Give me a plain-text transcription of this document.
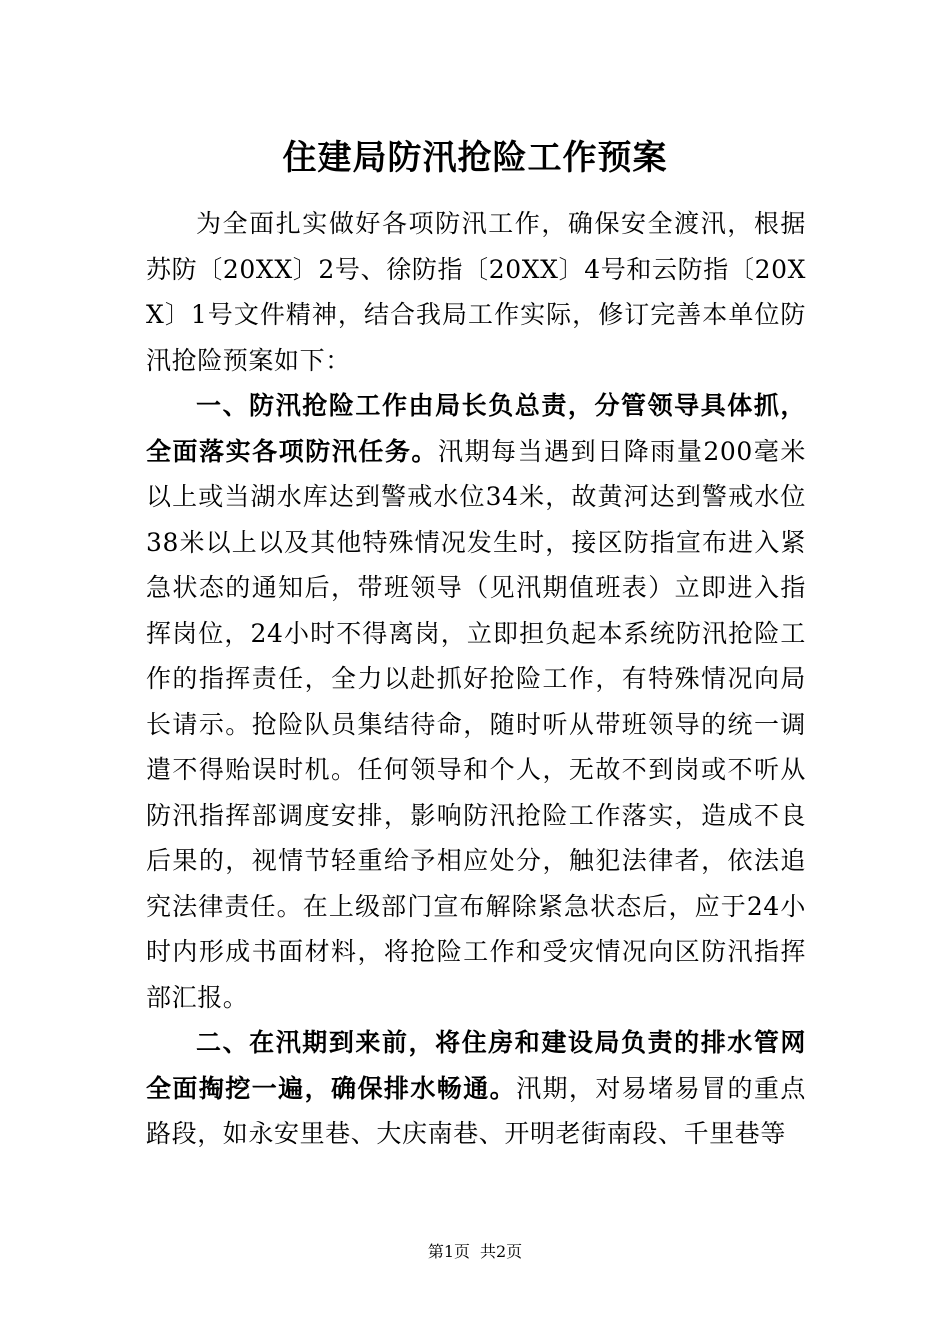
住建局防汛抢险工作预案

为全面扎实做好各项防汛工作，确保安全渡汛，根据苏防〔20XX〕2号、徐防指〔20XX〕4号和云防指〔20XX〕1号文件精神，结合我局工作实际，修订完善本单位防汛抢险预案如下：

一、防汛抢险工作由局长负总责，分管领导具体抓，全面落实各项防汛任务。汛期每当遇到日降雨量200毫米以上或当湖水库达到警戒水位34米，故黄河达到警戒水位38米以上以及其他特殊情况发生时，接区防指宣布进入紧急状态的通知后，带班领导（见汛期值班表）立即进入指挥岗位，24小时不得离岗，立即担负起本系统防汛抢险工作的指挥责任，全力以赴抓好抢险工作，有特殊情况向局长请示。抢险队员集结待命，随时听从带班领导的统一调遣不得贻误时机。任何领导和个人，无故不到岗或不听从防汛指挥部调度安排，影响防汛抢险工作落实，造成不良后果的，视情节轻重给予相应处分，触犯法律者，依法追究法律责任。在上级部门宣布解除紧急状态后，应于24小时内形成书面材料，将抢险工作和受灾情况向区防汛指挥部汇报。

二、在汛期到来前，将住房和建设局负责的排水管网全面掏挖一遍，确保排水畅通。汛期，对易堵易冒的重点路段，如永安里巷、大庆南巷、开明老街南段、千里巷等

第1页 共2页
